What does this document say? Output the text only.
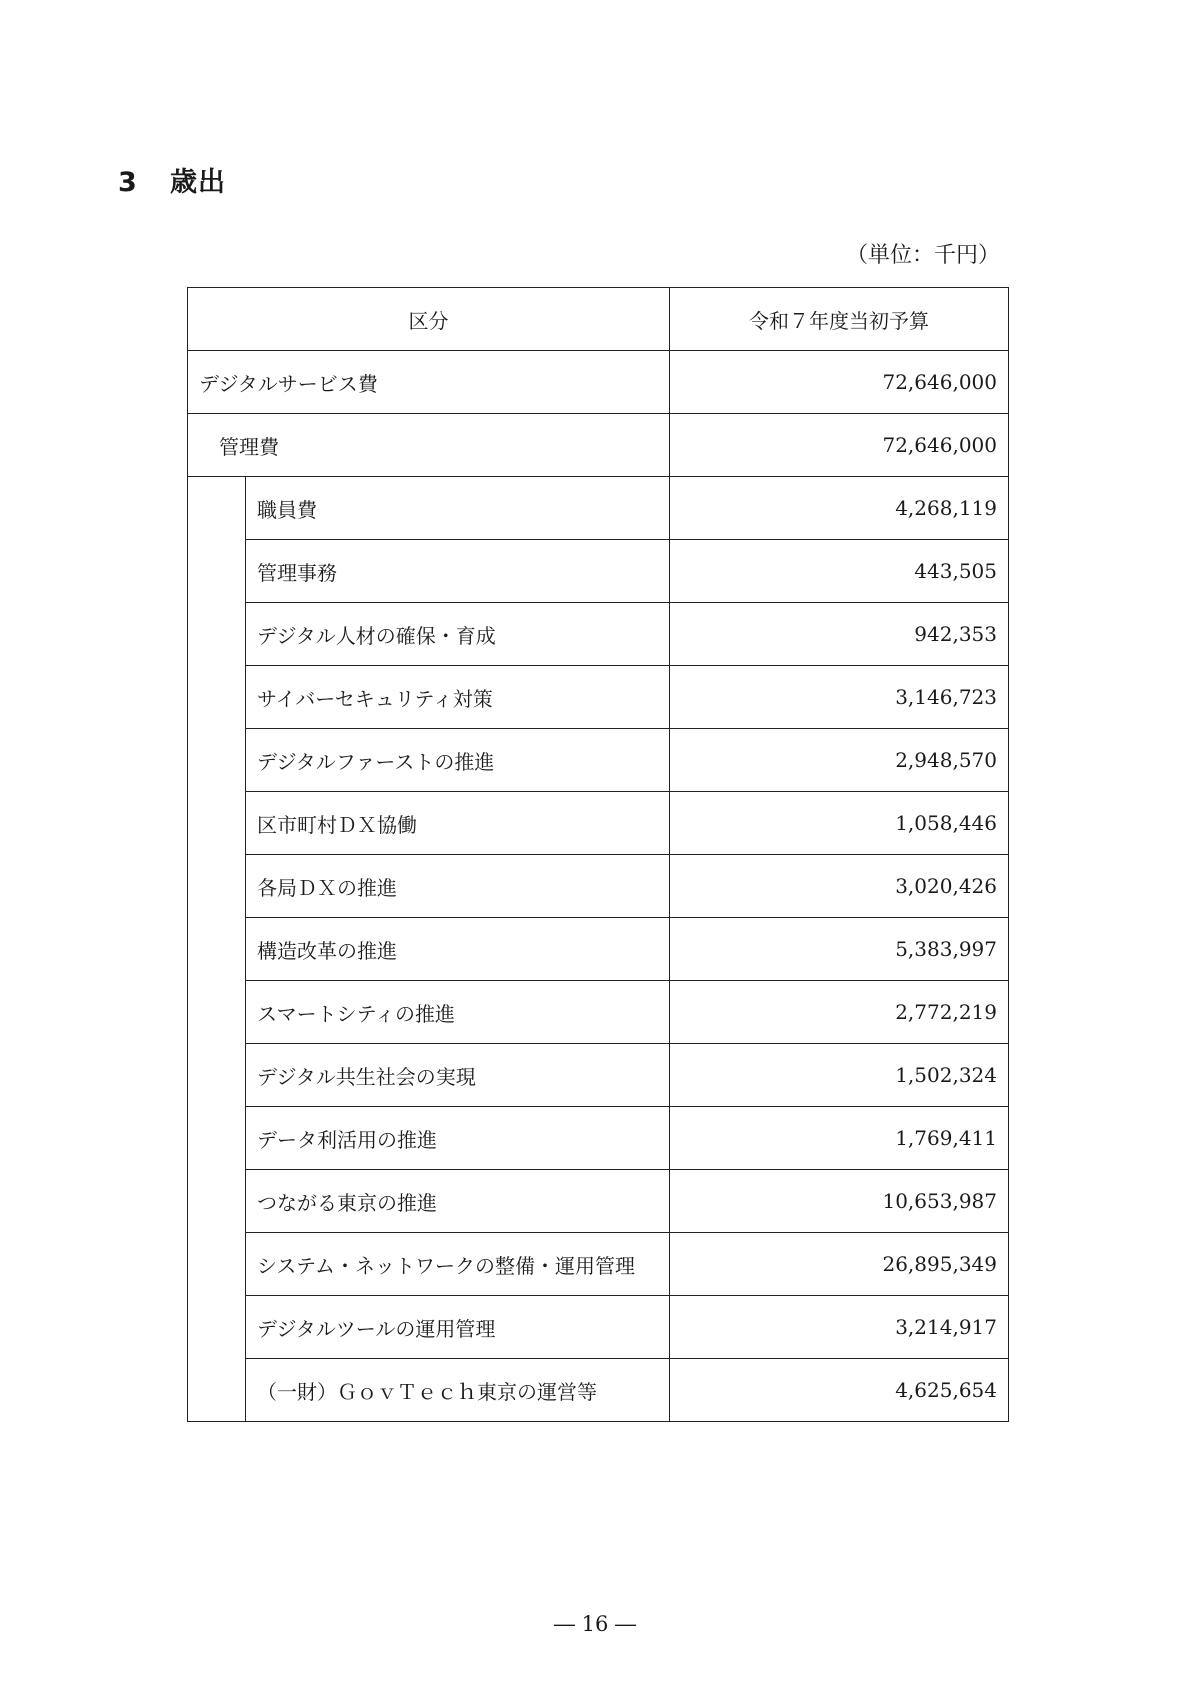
3 歳出
（単位：千円）
区分		令和７年度当初予算
デジタルサービス費		72,646,000
管理費		72,646,000
	職員費	4,268,119
	管理事務	443,505
	デジタル人材の確保・育成	942,353
	サイバーセキュリティ対策	3,146,723
	デジタルファーストの推進	2,948,570
	区市町村ＤＸ協働	1,058,446
	各局ＤＸの推進	3,020,426
	構造改革の推進	5,383,997
	スマートシティの推進	2,772,219
	デジタル共生社会の実現	1,502,324
	データ利活用の推進	1,769,411
	つながる東京の推進	10,653,987
	システム・ネットワークの整備・運用管理	26,895,349
	デジタルツールの運用管理	3,214,917
	（一財）ＧｏｖＴｅｃｈ東京の運営等	4,625,654
― 16 ―
